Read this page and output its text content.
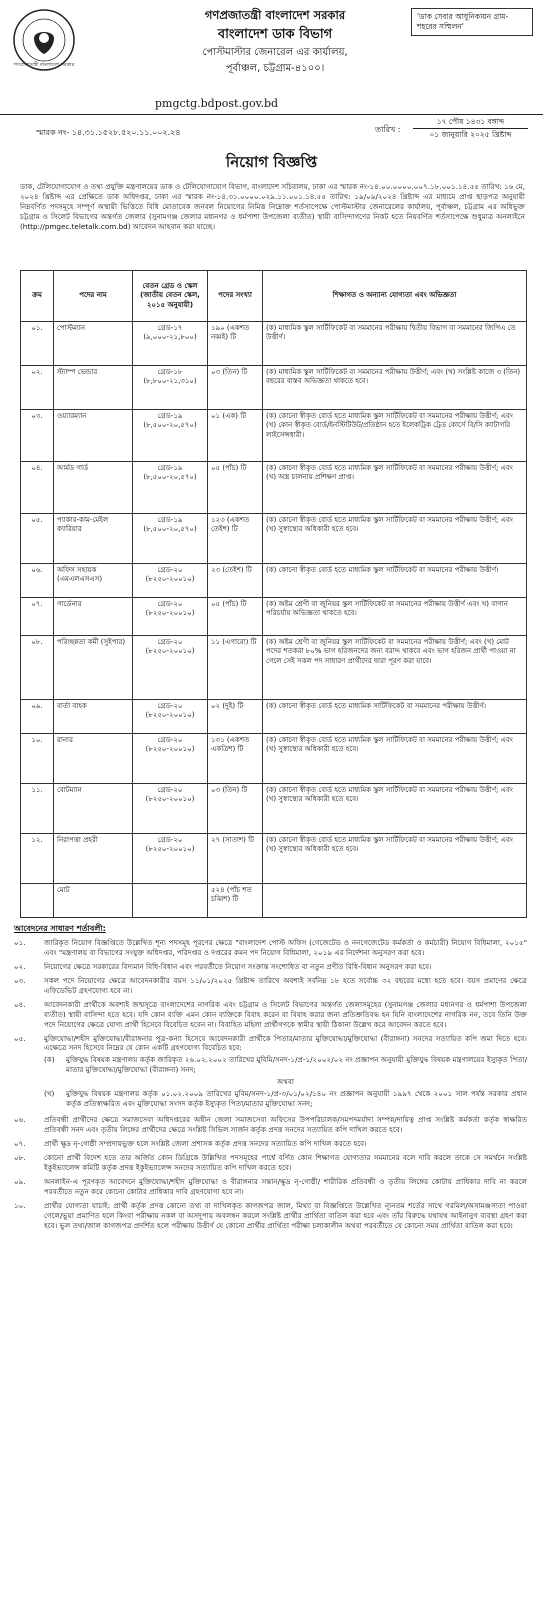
গণপ্রজাতন্ত্রী বাংলাদেশ সরকার
গণপ্রজাতন্ত্রী বাংলাদেশ সরকার
বাংলাদেশ ডাক বিভাগ
পোস্টমাস্টার জেনারেল এর কার্যালয়,
পূর্বাঞ্চল, চট্টগ্রাম-৪১০০।
'ডাক সেবার আধুনিকায়ন গ্রাম-শহরের সম্মিলন'
pmgctg.bdpost.gov.bd
স্মারক নং- ১৪.৩১.১৫২৮.৫২০.১১.০০২.২৪	তারিখ :
১৭ পৌষ ১৪৩১ বঙ্গাব্দ
০১ জানুয়ারি ২০২৫ খ্রিষ্টাব্দ
নিয়োগ বিজ্ঞপ্তি
ডাক, টেলিযোগাযোগ ও তথ্য প্রযুক্তি মন্ত্রণালয়ের ডাক ও টেলিযোগাযোগ বিভাগ, বাংলাদেশ সচিবালয়, ঢাকা এর স্মারক নং-১৪.০০.০০০০.০০৭.১৮.০০১.১৪.৫৫ তারিখ: ১৬ মে, ২০২৪ খ্রিষ্টাব্দ এর প্রেক্ষিতে ডাক অধিদপ্তর, ঢাকা এর স্মারক নং-১৪.৩১.০০০০.০২৯.১১.০০১.১৪.৫৫ তারিখ: ১৯/০৯/২০২৪ খ্রিষ্টাব্দ এর মাধ্যমে প্রাপ্ত ছাড়পত্র অনুযায়ী নিম্নবর্ণিত পদসমূহে সম্পূর্ণ অস্থায়ী ভিত্তিতে বিধি মোতাবেক জনবল নিয়োগের নিমিত্ত নিম্নোক্ত শর্তসাপেক্ষে পোস্টমাস্টার জেনারেলের কার্যালয়, পূর্বাঞ্চল, চট্টগ্রাম এর অধিভুক্ত চট্টগ্রাম ও সিলেট বিভাগের অন্তর্গত জেলার (সুনামগঞ্জ জেলার মধ্যনগর ও ধর্মপাশা উপজেলা ব্যতীত) স্থায়ী বাসিন্দাগণের নিকট হতে নিয়বর্ণিত শর্তসাপেক্ষে শুধুমাত্র অনলাইনে (http://pmgec.teletalk.com.bd) আবেদন আহবান করা যাচ্ছে।
ক্রম	পদের নাম	বেতন গ্রেড ও স্কেল (জাতীয় বেতন স্কেল, ২০১৫ অনুযায়ী)	পদের সংখ্যা	শিক্ষাগত ও অন্যান্য যোগ্যতা এবং অভিজ্ঞতা
০১.	পোস্টম্যান	গ্রেড-১৭ (৯,০০০-২১,৮০০)	১৯০ (একশত নব্বই) টি	(ক) মাধ্যমিক স্কুল সার্টিফিকেট বা সমমানের পরীক্ষায় দ্বিতীয় বিভাগ বা সমমানের জিপিএ তে উত্তীর্ণ।
০২.	স্ট্যাম্প ভেন্ডার	গ্রেড-১৮ (৮,৮০০-২১,৩১০)	০৩ (তিন) টি	(ক) মাধ্যমিক স্কুল সার্টিফিকেট বা সমমানের পরীক্ষায় উত্তীর্ণ; এবং (খ) সংশ্লিষ্ট কাজে ৩ (তিন) বছরের বাস্তব অভিজ্ঞতা থাকতে হবে।
০৩.	ওয়্যারম্যান	গ্রেড-১৯ (৮,৫০০-২০,৫৭০)	০১ (এক) টি	(ক) কোনো স্বীকৃত বোর্ড হতে মাধ্যমিক স্কুল সার্টিফিকেট বা সমমানের পরীক্ষায় উত্তীর্ণ; এবং (খ) কোন স্বীকৃত বোর্ড/ইনস্টিটিউট/প্রতিষ্ঠান হতে ইলেকট্রিক ট্রেড কোর্সে বি/সি ক্যাটাগরি লাইসেন্সধারী।
০৪.	আর্মড গার্ড	গ্রেড-১৯ (৮,৫০০-২০,৫৭০)	০৫ (পাঁচ) টি	(ক) কোনো স্বীকৃত বোর্ড হতে মাধ্যমিক স্কুল সার্টিফিকেট বা সমমানের পরীক্ষায় উত্তীর্ণ; এবং (খ) অস্ত্র চালনায় প্রশিক্ষণ প্রাপ্ত।
০৫.	প্যাকার-কাম-মেইল ক্যারিয়ার	গ্রেড-১৯ (৮,৫০০-২০,৫৭০)	১২৩ (একশত তেইশ) টি	(ক) কোনো স্বীকৃত বোর্ড হতে মাধ্যমিক স্কুল সার্টিফিকেট বা সমমানের পরীক্ষায় উত্তীর্ণ; এবং (খ) সুস্বাস্থ্যের অধিকারী হতে হবে।
০৬.	অফিস সহায়ক (এমএলএসএস)	গ্রেড-২০ (৮২৫০-২০০১০)	২৩ (তেইশ) টি	(ক) কোনো স্বীকৃত বোর্ড হতে মাধ্যমিক স্কুল সার্টিফিকেট বা সমমানের পরীক্ষায় উত্তীর্ণ।
০৭.	গার্ডেনার	গ্রেড-২০ (৮২৫০-২০০১০)	০৫ (পাঁচ) টি	(ক) অষ্টম শ্রেণী বা জুনিয়র স্কুল সার্টিফিকেট বা সমমানের পরীক্ষায় উত্তীর্ণ এবং খ) বাগান পরিচর্যায় অভিজ্ঞতা থাকতে হবে।
০৮.	পরিচ্ছন্নতা কর্মী (সুইপার)	গ্রেড-২০ (৮২৫০-২০০১০)	১১ (এগারো) টি	(ক) অষ্টম শ্রেণী বা জুনিয়র স্কুল সার্টিফিকেট বা সমমানের পরীক্ষায় উত্তীর্ণ; এবং (খ) মোট পদের শতকরা ৮০% ভাগ হরিজনদের জন্য বরাদ্দ থাকবে এবং ভাগ হরিজন প্রার্থী পাওয়া না গেলে সেই সকল পদ সাধারণ প্রার্থীদের দ্বারা পূরণ করা যাবে।
০৯.	বার্তা বাহক	গ্রেড-২০ (৮২৫০-২০০১০)	০২ (দুই) টি	(ক) কোনো স্বীকৃত বোর্ড হতে মাধ্যমিক সার্টিফিকেট বা সমমানের পরীক্ষায় উত্তীর্ণ।
১০.	রানার	গ্রেড-২০ (৮২৫০-২০০১০)	১৩১ (একশত একত্রিশ) টি	(ক) কোনো স্বীকৃত বোর্ড হতে মাধ্যমিক স্কুল সার্টিফিকেট বা সমমানের পরীক্ষায় উত্তীর্ণ; এবং (খ) সুস্বাস্থ্যের অধিকারী হতে হবে।
১১.	বোটম্যান	গ্রেড-২০ (৮২৫০-২০০১০)	০৩ (তিন) টি	(ক) কোনো স্বীকৃত বোর্ড হতে মাধ্যমিক স্কুল সার্টিফিকেট বা সমমানের পরীক্ষায় উত্তীর্ণ; এবং (খ) সুস্বাস্থ্যের অধিকারী হতে হবে।
১২.	নিরাপত্তা প্রহরী	গ্রেড-২০ (৮২৫০-২০০১০)	২৭ (সাতাশ) টি	(ক) কোনো স্বীকৃত বোর্ড হতে মাধ্যমিক স্কুল সার্টিফিকেট বা সমমানের পরীক্ষায় উত্তীর্ণ; এবং (খ) সুস্বাস্থ্যের অধিকারী হতে হবে।
	মোট		৫২৪ (পাঁচ শত চব্বিশ) টি	
আবেদনের সাধারণ শর্তাবলী:
০১.	জারিকৃত নিয়োগ বিজ্ঞপ্তিতে উল্লেখিত শূন্য পদসমূহ পূরণের ক্ষেত্রে "বাংলাদেশ পোস্ট অফিস (গেজেটেড ও ননগেজেটেড কর্মকর্তা ও কর্মচারী) নিয়োগ বিধিমালা, ২০১৫" এবং "মন্ত্রণালয় বা বিভাগের সংযুক্ত অধিদপ্তর, পরিদপ্তর ও দপ্তরের কমন পদ নিয়োগ বিধিমালা, ২০১৯ এর নির্দেশনা অনুসরণ করা হবে।
০২.	নিয়োগের ক্ষেত্রে সরকারের বিদ্যমান বিধি-বিধান এবং পরবর্তীতে নিয়োগ সংক্রান্ত সংশোধিত বা নতুন প্রণীত বিধি-বিধান অনুসরণ করা হবে।
০৩.	সকল পদে নিয়োগের ক্ষেত্রে আবেদনকারীর বয়স ১১/০১/২০২৫ খ্রিষ্টাব্দ তারিখে অবশ্যই সর্বনিম্ন ১৮ হতে সর্বোচ্চ ৩২ বছরের মধ্যে হতে হবে। বয়স প্রমাণের ক্ষেত্রে এফিডেভিট গ্রহণযোগ্য হবে না।
০৪.	আবেদনকারী প্রার্থীকে অবশ্যই জন্মসূত্রে বাংলাদেশের নাগরিক এবং চট্টগ্রাম ও সিলেট বিভাগের অন্তর্গত জেলাসমূহের (সুনামগঞ্জ জেলার মধ্যনগর ও ধর্মপাশা উপজেলা ব্যতীত) স্থায়ী বাসিন্দা হতে হবে। যদি কোন ব্যক্তি এমন কোন ব্যক্তিকে বিবাহ করেন বা বিবাহ করার জন্য প্রতিশ্রুতিবদ্ধ হন যিনি বাংলাদেশের নাগরিক নন, তবে তিনি উক্ত পদে নিয়োগের ক্ষেত্রে যোগ্য প্রার্থী হিসেবে বিবেচিত হবেন না। বিবাহিত মহিলা প্রার্থীগণকে স্বামীর স্থায়ী ঠিকানা উল্লেখ করে আবেদন করতে হবে।
০৫.	মুক্তিযোদ্ধা/শহীদ মুক্তিযোদ্ধা/বীরাঙ্গনার পুত্র-কন্যা হিসেবে আবেদনকারী প্রার্থীকে পিতার/মাতার মুক্তিযোদ্ধা/মুক্তিযোদ্ধা (বীরাঙ্গনা) সনদের সত্যায়িত কপি জমা দিতে হবে। এক্ষেত্রে সনদ হিসেবে নিম্নের যে কোন একটি গ্রহণযোগ্য বিবেচিত হবে:
(ক)	মুক্তিযুদ্ধ বিষয়ক মন্ত্রণালয় কর্তৃক জারিকৃত ২৬.০২.২০০২ তারিখের মুবিমি/সনদ-১/প্র-১/২০০২/০২ নং প্রজ্ঞাপন অনুযায়ী মুক্তিযুদ্ধ বিষয়ক মন্ত্রণালয়ের ইস্যুকৃত পিতা/মাতার মুক্তিযোদ্ধা/মুক্তিযোদ্ধা (বীরাঙ্গনা) সনদ;
অথবা
(খ)	মুক্তিযুদ্ধ বিষয়ক মন্ত্রণালয় কর্তৃক ০১.০২.২০০৯ তারিখের মুবিম/সনদ-১/প্র-৩/০১/০২/১৪০ নং প্রজ্ঞাপন অনুযায়ী ১৯৯৭ থেকে ২০০১ সাল পর্যন্ত সরকার প্রধান কর্তৃক প্রতিস্বাক্ষরিত এবং মুক্তিযোদ্ধা সংসদ কর্তৃক ইস্যুকৃত পিতা/মাতার মুক্তিযোদ্ধা সনদ;
০৬.	প্রতিবন্ধী প্রার্থীদের ক্ষেত্রে সমাজসেবা অধিদপ্তরের অধীন জেলা সমাজসেবা অফিসের উপপরিচালক/সমপদমর্যাদা সম্পন্ন/দায়িত্ব প্রাপ্ত সংশ্লিষ্ট কর্মকর্তা কর্তৃক স্বাক্ষরিত প্রতিবন্ধী সনদ এবং তৃতীয় লিঙ্গের প্রার্থীদের ক্ষেত্রে সংশ্লিষ্ট সিভিল সার্জন কর্তৃক প্রদত্ত সনদের সত্যায়িত কপি দাখিল করতে হবে।
০৭.	প্রার্থী ক্ষুদ্র নৃ-গোষ্ঠী সম্প্রদায়ভুক্ত হলে সংশ্লিষ্ট জেলা প্রশাসক কর্তৃক প্রদত্ত সনদের সত্যায়িত কপি দাখিল করতে হবে।
০৮.	কোনো প্রার্থী বিদেশ হতে তার অর্জিত কোন ডিগ্রিকে উল্লিখিত পদসমূহের পার্শ্বে বর্ণিত কোন শিক্ষাগত যোগ্যতার সমমানের বলে দাবি করলে তাকে সে সমর্থনে সংশ্লিষ্ট ইকুইভ্যালেন্স কমিটি কর্তৃক প্রদত্ত ইকুইভ্যালেন্স সনদের সত্যায়িত কপি দাখিল করতে হবে।
০৯.	অনলাইন-এ পূরণকৃত আবেদনে মুক্তিযোদ্ধা/শহীদ মুক্তিযোদ্ধা ও বীরাঙ্গনার সন্তান/ক্ষুদ্র নৃ-গোষ্ঠী/ শারীরিক প্রতিবন্ধী ও তৃতীয় লিঙ্গের কোটায় প্রাধিকার দাবি না করলে পরবর্তীতে নতুন করে কোনো কোটার প্রাধিকার দাবি গ্রহণযোগ্য হবে না।
১০.	প্রার্থীর যোগ্যতা যাচাই: প্রার্থী কর্তৃক প্রদত্ত কোনো তথ্য বা দাখিলকৃত কাগজপত্র জাল, মিথ্যা বা বিজ্ঞপ্তিতে উল্লেখিত ন্যূনতম শর্তের সাথে গরমিল/অসামঞ্জস্যতা পাওয়া গেলে/ভুয়া প্রমাণিত হলে কিংবা পরীক্ষায় নকল বা অসদুপায় অবলম্বন করলে সংশ্লিষ্ট প্রার্থীর প্রার্থিতা বাতিল করা হবে এবং তাঁর বিরুদ্ধে যথাযথ আইনানুগ ব্যবস্থা গ্রহণ করা হবে। ভুল তথ্য/জাল কাগজপত্র প্রদর্শিত হলে পরীক্ষায় উত্তীর্ণ যে কোনো প্রার্থীর প্রার্থিতা পরীক্ষা চলাকালীন অথবা পরবর্তীতে যে কোনো সময় প্রার্থিতা বাতিল করা হবে।
